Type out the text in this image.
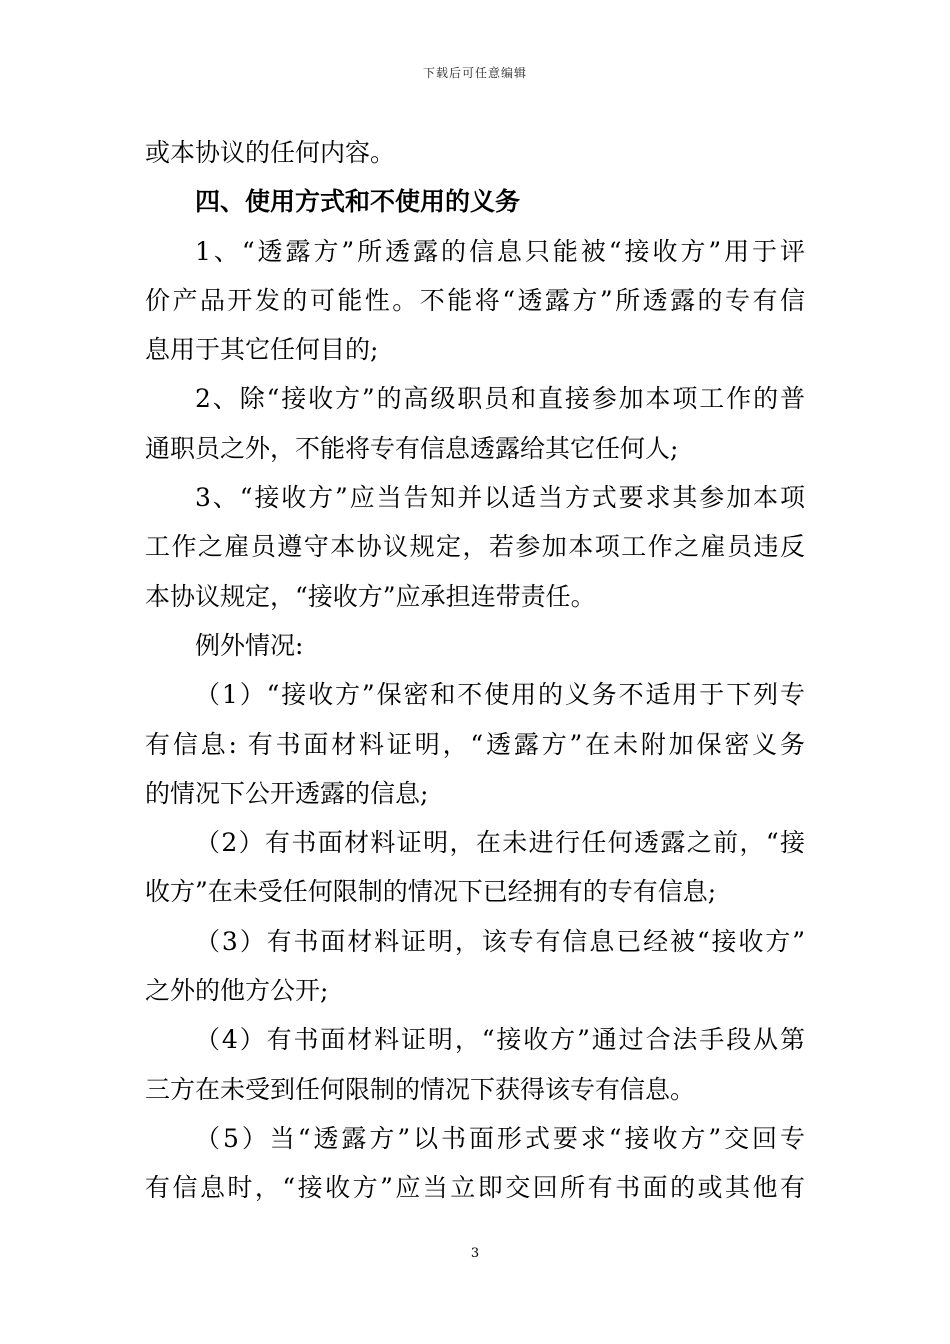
下载后可任意编辑
或本协议的任何内容。
四、使用方式和不使用的义务
1、“透露方”所透露的信息只能被“接收方”用于评
价产品开发的可能性。不能将“透露方”所透露的专有信
息用于其它任何目的;
2、除“接收方”的高级职员和直接参加本项工作的普
通职员之外，不能将专有信息透露给其它任何人;
3、“接收方”应当告知并以适当方式要求其参加本项
工作之雇员遵守本协议规定，若参加本项工作之雇员违反
本协议规定，“接收方”应承担连带责任。
例外情况:
（1）“接收方”保密和不使用的义务不适用于下列专
有信息: 有书面材料证明，“透露方”在未附加保密义务
的情况下公开透露的信息;
（2）有书面材料证明，在未进行任何透露之前，“接
收方”在未受任何限制的情况下已经拥有的专有信息;
（3）有书面材料证明，该专有信息已经被“接收方”
之外的他方公开;
（4）有书面材料证明，“接收方”通过合法手段从第
三方在未受到任何限制的情况下获得该专有信息。
（5）当“透露方”以书面形式要求“接收方”交回专
有信息时，“接收方”应当立即交回所有书面的或其他有
3
